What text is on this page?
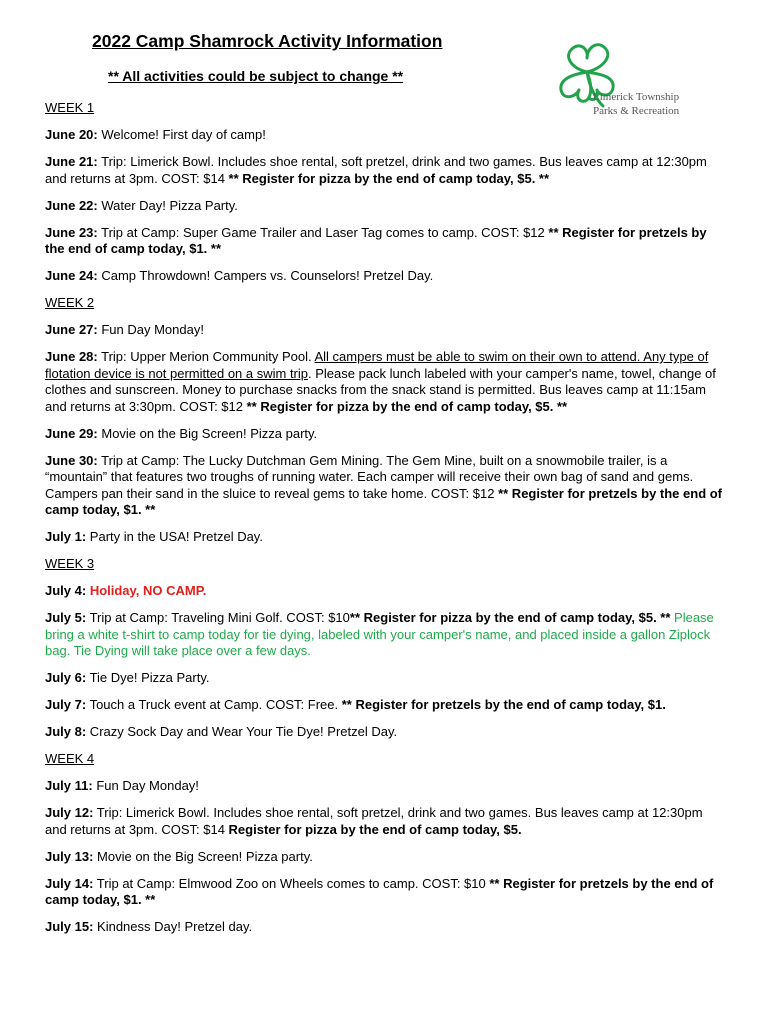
2022 Camp Shamrock Activity Information
** All activities could be subject to change **
Limerick Township
Parks & Recreation

WEEK 1

June 20: Welcome! First day of camp!

June 21: Trip: Limerick Bowl. Includes shoe rental, soft pretzel, drink and two games. Bus leaves camp at 12:30pm and returns at 3pm. COST: $14 ** Register for pizza by the end of camp today, $5. **

June 22: Water Day! Pizza Party.

June 23: Trip at Camp: Super Game Trailer and Laser Tag comes to camp. COST: $12 ** Register for pretzels by the end of camp today, $1. **

June 24: Camp Throwdown! Campers vs. Counselors! Pretzel Day.

WEEK 2

June 27: Fun Day Monday!

June 28: Trip: Upper Merion Community Pool. All campers must be able to swim on their own to attend. Any type of flotation device is not permitted on a swim trip. Please pack lunch labeled with your camper's name, towel, change of clothes and sunscreen. Money to purchase snacks from the snack stand is permitted. Bus leaves camp at 11:15am and returns at 3:30pm. COST: $12 ** Register for pizza by the end of camp today, $5. **

June 29: Movie on the Big Screen! Pizza party.

June 30: Trip at Camp: The Lucky Dutchman Gem Mining. The Gem Mine, built on a snowmobile trailer, is a “mountain” that features two troughs of running water. Each camper will receive their own bag of sand and gems. Campers pan their sand in the sluice to reveal gems to take home. COST: $12 ** Register for pretzels by the end of camp today, $1. **

July 1: Party in the USA! Pretzel Day.

WEEK 3

July 4: Holiday, NO CAMP.

July 5: Trip at Camp: Traveling Mini Golf. COST: $10** Register for pizza by the end of camp today, $5. ** Please bring a white t-shirt to camp today for tie dying, labeled with your camper's name, and placed inside a gallon Ziplock bag. Tie Dying will take place over a few days.

July 6: Tie Dye! Pizza Party.

July 7: Touch a Truck event at Camp. COST: Free. ** Register for pretzels by the end of camp today, $1.

July 8: Crazy Sock Day and Wear Your Tie Dye! Pretzel Day.

WEEK 4

July 11: Fun Day Monday!

July 12: Trip: Limerick Bowl. Includes shoe rental, soft pretzel, drink and two games. Bus leaves camp at 12:30pm and returns at 3pm. COST: $14 Register for pizza by the end of camp today, $5.

July 13: Movie on the Big Screen! Pizza party.

July 14: Trip at Camp: Elmwood Zoo on Wheels comes to camp. COST: $10 ** Register for pretzels by the end of camp today, $1. **

July 15: Kindness Day! Pretzel day.
